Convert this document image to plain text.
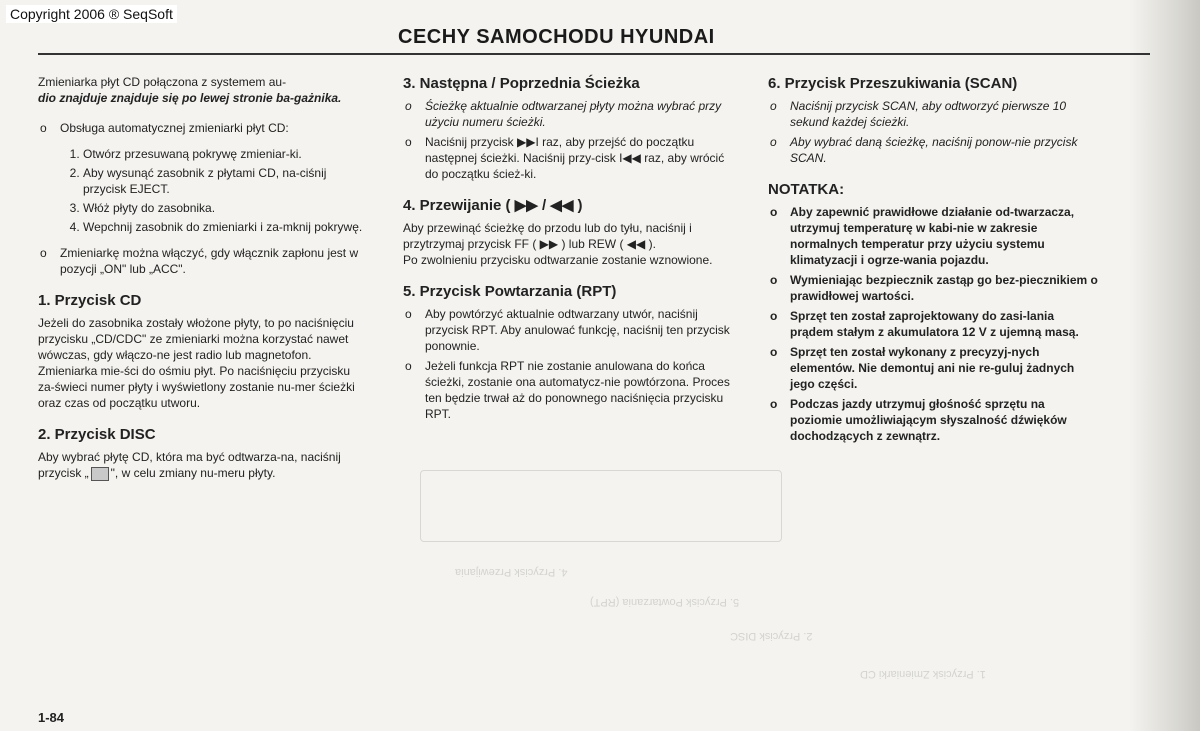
4. Przycisk Przewijania
5. Przycisk Powtarzania (RPT)
2. Przycisk DISC
1. Przycisk Zmieniarki CD
Copyright 2006 ® SeqSoft
CECHY SAMOCHODU HYUNDAI

Zmieniarka płyt CD połączona z systemem au-
dio znajduje znajduje się po lewej stronie ba-gażnika.

o Obsługa automatycznej zmieniarki płyt CD:
1. Otwórz przesuwaną pokrywę zmieniar-ki.
2. Aby wysunąć zasobnik z płytami CD, na-ciśnij przycisk EJECT.
3. Włóż płyty do zasobnika.
4. Wepchnij zasobnik do zmieniarki i za-mknij pokrywę.
o Zmieniarkę można włączyć, gdy włącznik zapłonu jest w pozycji „ON" lub „ACC".
1. Przycisk CD

Jeżeli do zasobnika zostały włożone płyty, to po naciśnięciu przycisku „CD/CDC" ze zmieniarki można korzystać nawet wówczas, gdy włączo-ne jest radio lub magnetofon. Zmieniarka mie-ści do ośmiu płyt. Po naciśnięciu przycisku za-świeci numer płyty i wyświetlony zostanie nu-mer ścieżki oraz czas od początku utworu.

2. Przycisk DISC

Aby wybrać płytę CD, która ma być odtwarza-na, naciśnij przycisk „ ", w celu zmiany nu-meru płyty.

3. Następna / Poprzednia Ścieżka
o Ścieżkę aktualnie odtwarzanej płyty można wybrać przy użyciu numeru ścieżki.
o Naciśnij przycisk ▶▶I raz, aby przejść do początku następnej ścieżki. Naciśnij przy-cisk I◀◀ raz, aby wrócić do początku ścież-ki.
4. Przewijanie ( ▶▶ / ◀◀ )

Aby przewinąć ścieżkę do przodu lub do tyłu, naciśnij i przytrzymaj przycisk FF ( ▶▶ ) lub REW ( ◀◀ ).

Po zwolnieniu przycisku odtwarzanie zostanie wznowione.

5. Przycisk Powtarzania (RPT)
o Aby powtórzyć aktualnie odtwarzany utwór, naciśnij przycisk RPT. Aby anulować funkcję, naciśnij ten przycisk ponownie.
o Jeżeli funkcja RPT nie zostanie anulowana do końca ścieżki, zostanie ona automatycz-nie powtórzona. Proces ten będzie trwał aż do ponownego naciśnięcia przycisku RPT.
6. Przycisk Przeszukiwania (SCAN)
o Naciśnij przycisk SCAN, aby odtworzyć pierwsze 10 sekund każdej ścieżki.
o Aby wybrać daną ścieżkę, naciśnij ponow-nie przycisk SCAN.
NOTATKA:
o Aby zapewnić prawidłowe działanie od-twarzacza, utrzymuj temperaturę w kabi-nie w zakresie normalnych temperatur przy użyciu systemu klimatyzacji i ogrze-wania pojazdu.
o Wymieniając bezpiecznik zastąp go bez-piecznikiem o prawidłowej wartości.
o Sprzęt ten został zaprojektowany do zasi-lania prądem stałym z akumulatora 12 V z ujemną masą.
o Sprzęt ten został wykonany z precyzyj-nych elementów. Nie demontuj ani nie re-guluj żadnych jego części.
o Podczas jazdy utrzymuj głośność sprzętu na poziomie umożliwiającym słyszalność dźwięków dochodzących z zewnątrz.
1-84
